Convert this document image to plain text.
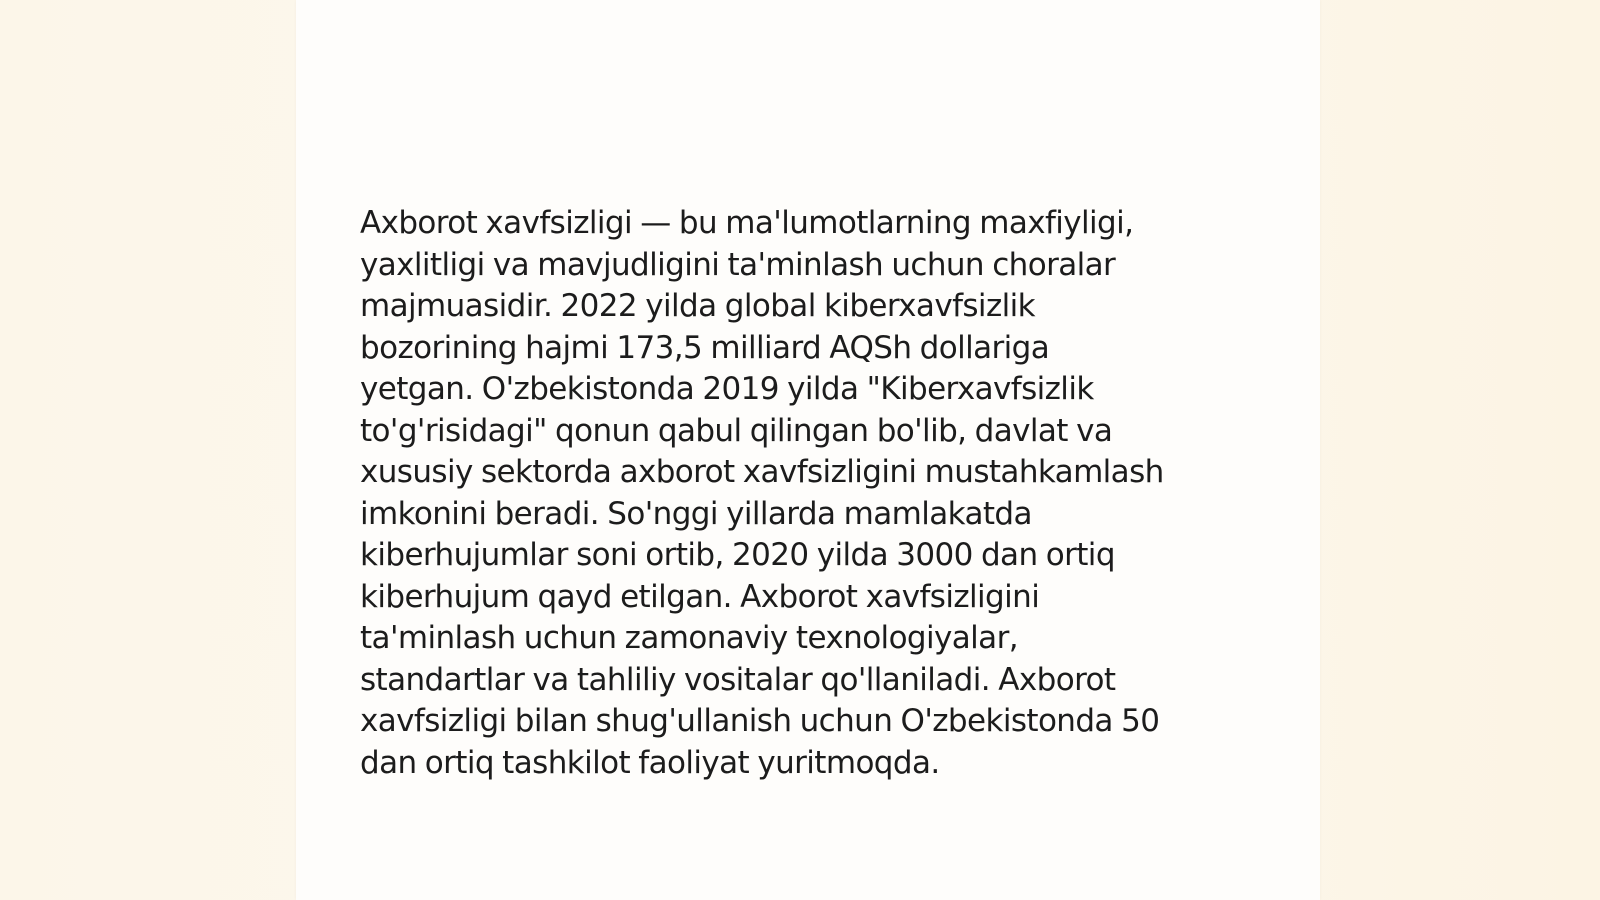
Axborot xavfsizligi — bu ma'lumotlarning maxfiyligi,
yaxlitligi va mavjudligini ta'minlash uchun choralar
majmuasidir. 2022 yilda global kiberxavfsizlik
bozorining hajmi 173,5 milliard AQSh dollariga
yetgan. O'zbekistonda 2019 yilda "Kiberxavfsizlik
to'g'risidagi" qonun qabul qilingan bo'lib, davlat va
xususiy sektorda axborot xavfsizligini mustahkamlash
imkonini beradi. So'nggi yillarda mamlakatda
kiberhujumlar soni ortib, 2020 yilda 3000 dan ortiq
kiberhujum qayd etilgan. Axborot xavfsizligini
ta'minlash uchun zamonaviy texnologiyalar,
standartlar va tahliliy vositalar qo'llaniladi. Axborot
xavfsizligi bilan shug'ullanish uchun O'zbekistonda 50
dan ortiq tashkilot faoliyat yuritmoqda.
